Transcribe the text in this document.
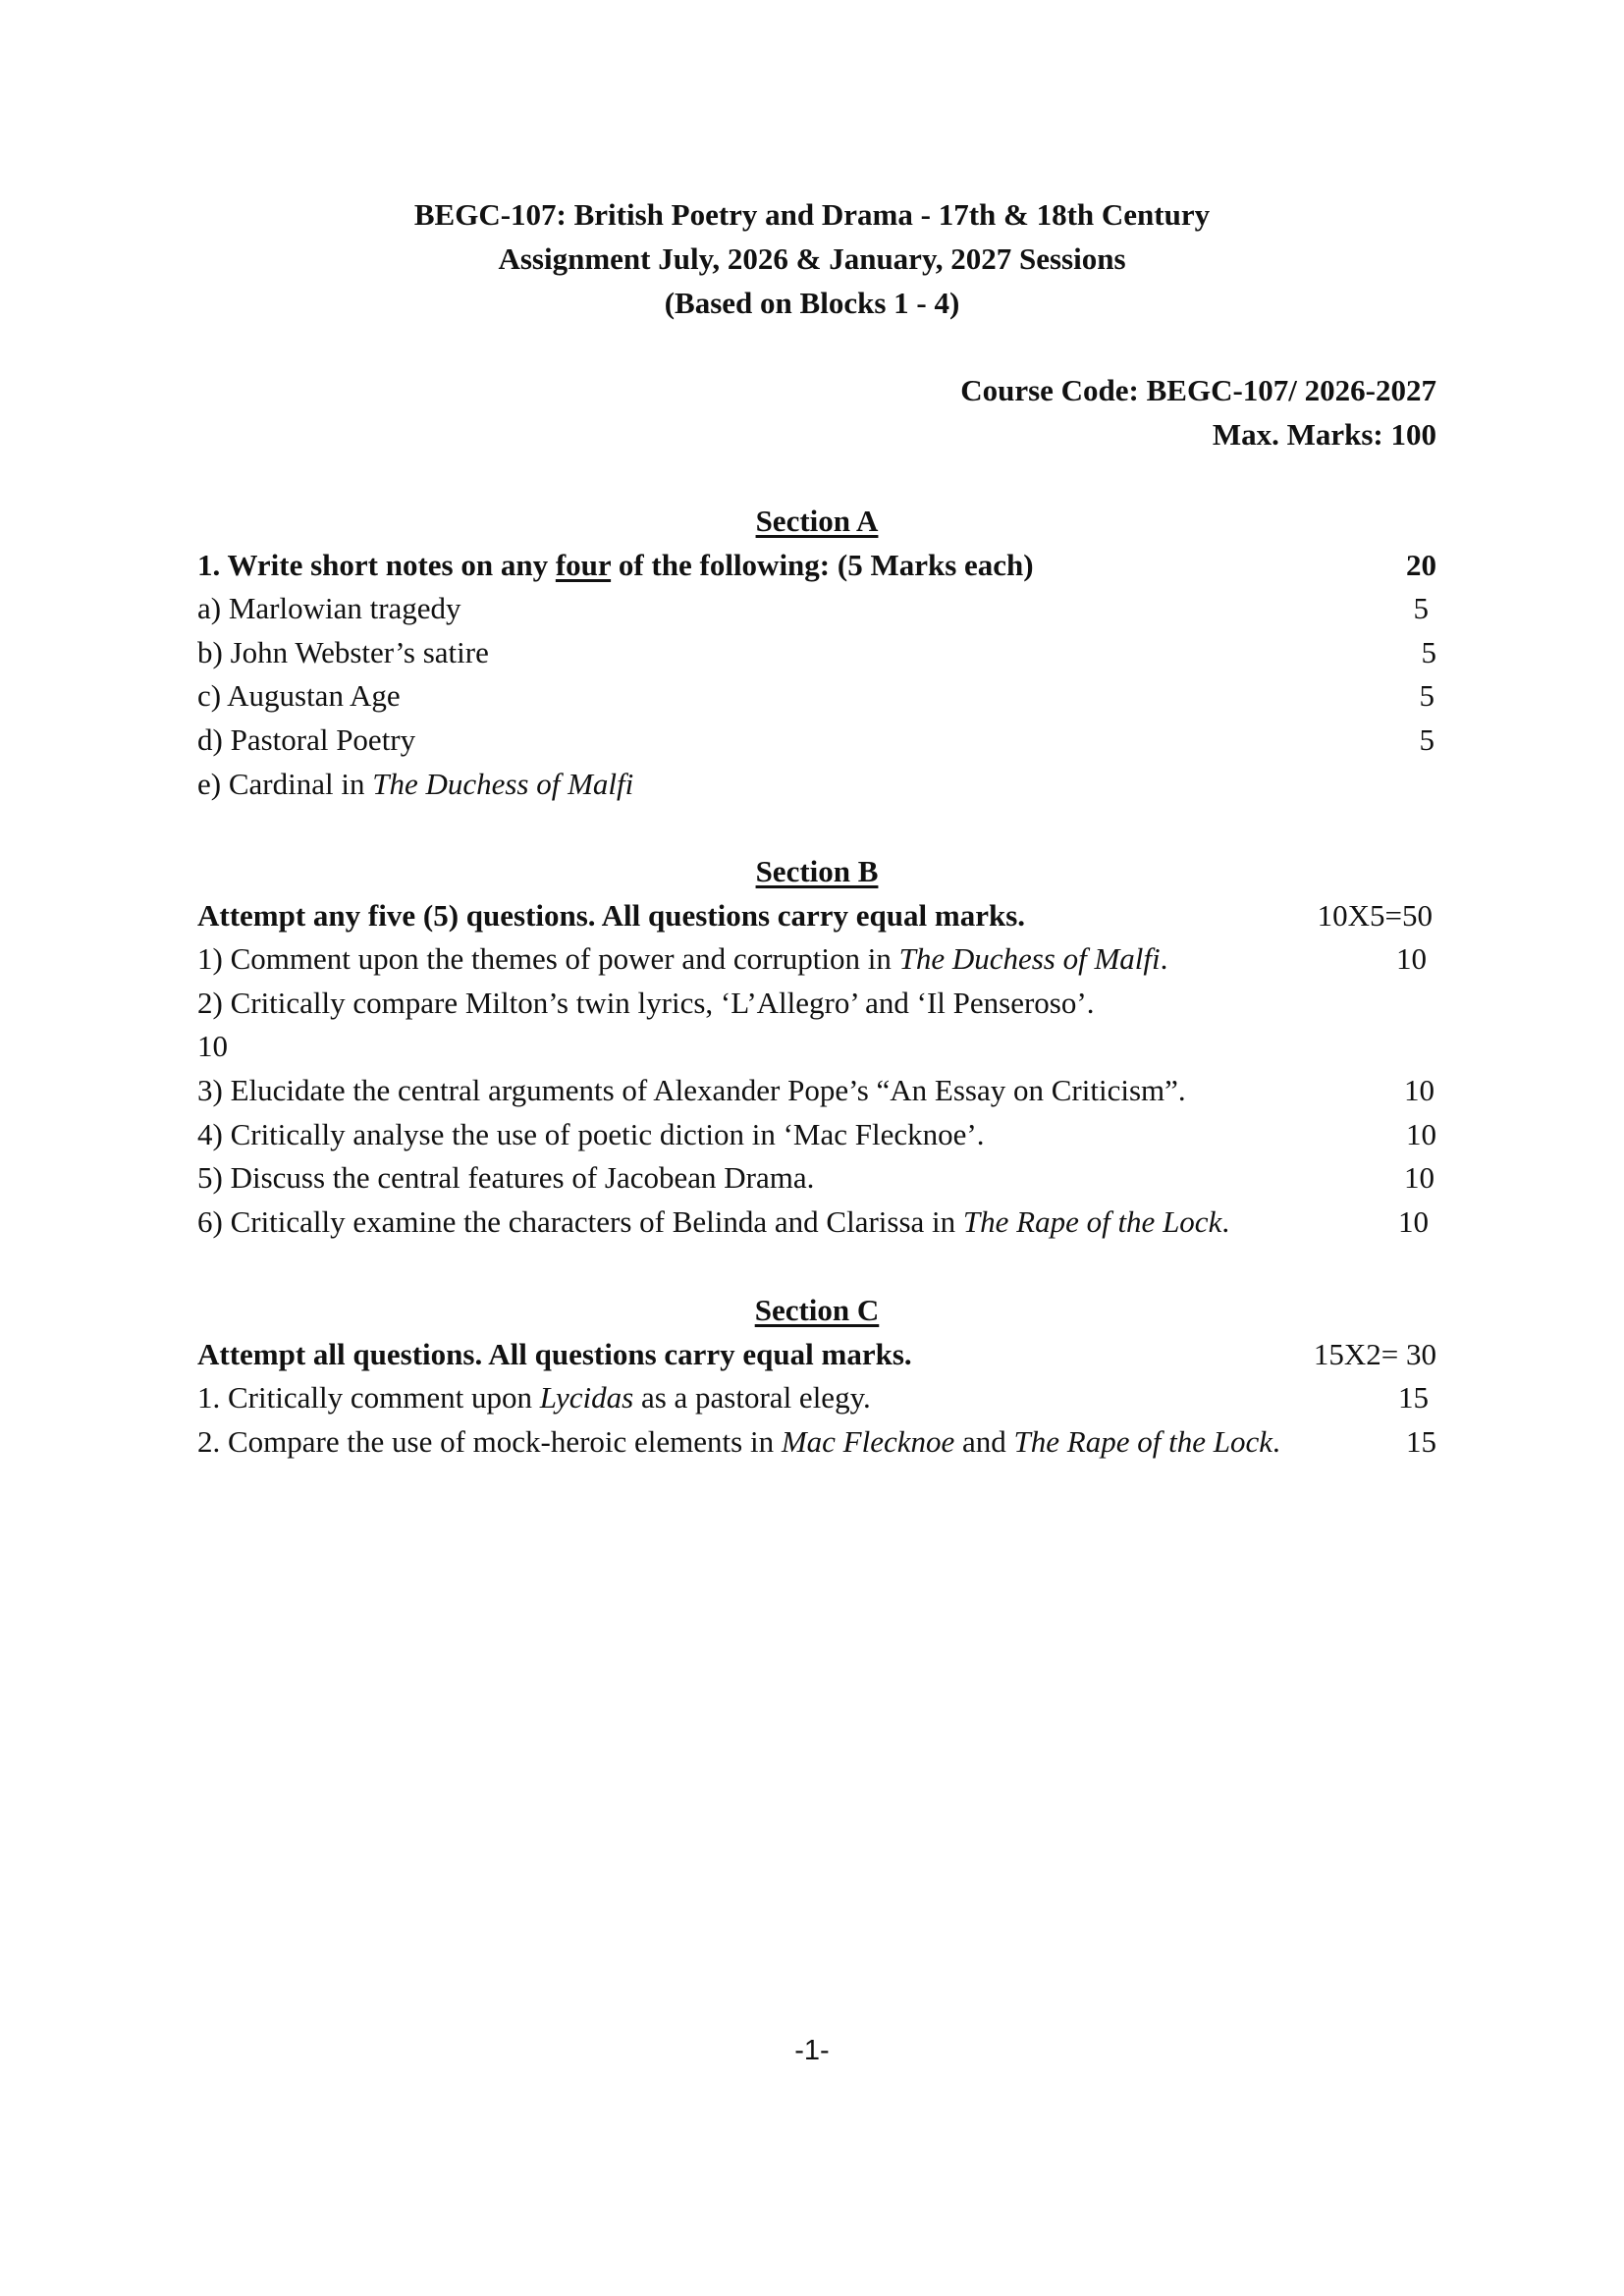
BEGC-107: British Poetry and Drama - 17th & 18th Century
Assignment July, 2026 & January, 2027 Sessions
(Based on Blocks 1 - 4)
Course Code: BEGC-107/ 2026-2027
Max. Marks: 100
Section A
1. Write short notes on any four of the following: (5 Marks each)	20
a) Marlowian tragedy	5
b) John Webster’s satire	5
c) Augustan Age	5
d) Pastoral Poetry	5
e) Cardinal in The Duchess of Malfi
Section B
Attempt any five (5) questions. All questions carry equal marks.	10X5=50
1) Comment upon the themes of power and corruption in The Duchess of Malfi.	10
2) Critically compare Milton’s twin lyrics, ‘L’Allegro’ and ‘Il Penseroso’.
10
3) Elucidate the central arguments of Alexander Pope’s “An Essay on Criticism”.	10
4) Critically analyse the use of poetic diction in ‘Mac Flecknoe’.	10
5) Discuss the central features of Jacobean Drama.	10
6) Critically examine the characters of Belinda and Clarissa in The Rape of the Lock.	10
Section C
Attempt all questions. All questions carry equal marks.	15X2= 30
1. Critically comment upon Lycidas as a pastoral elegy.	15
2. Compare the use of mock-heroic elements in Mac Flecknoe and The Rape of the Lock.	15
-1-
